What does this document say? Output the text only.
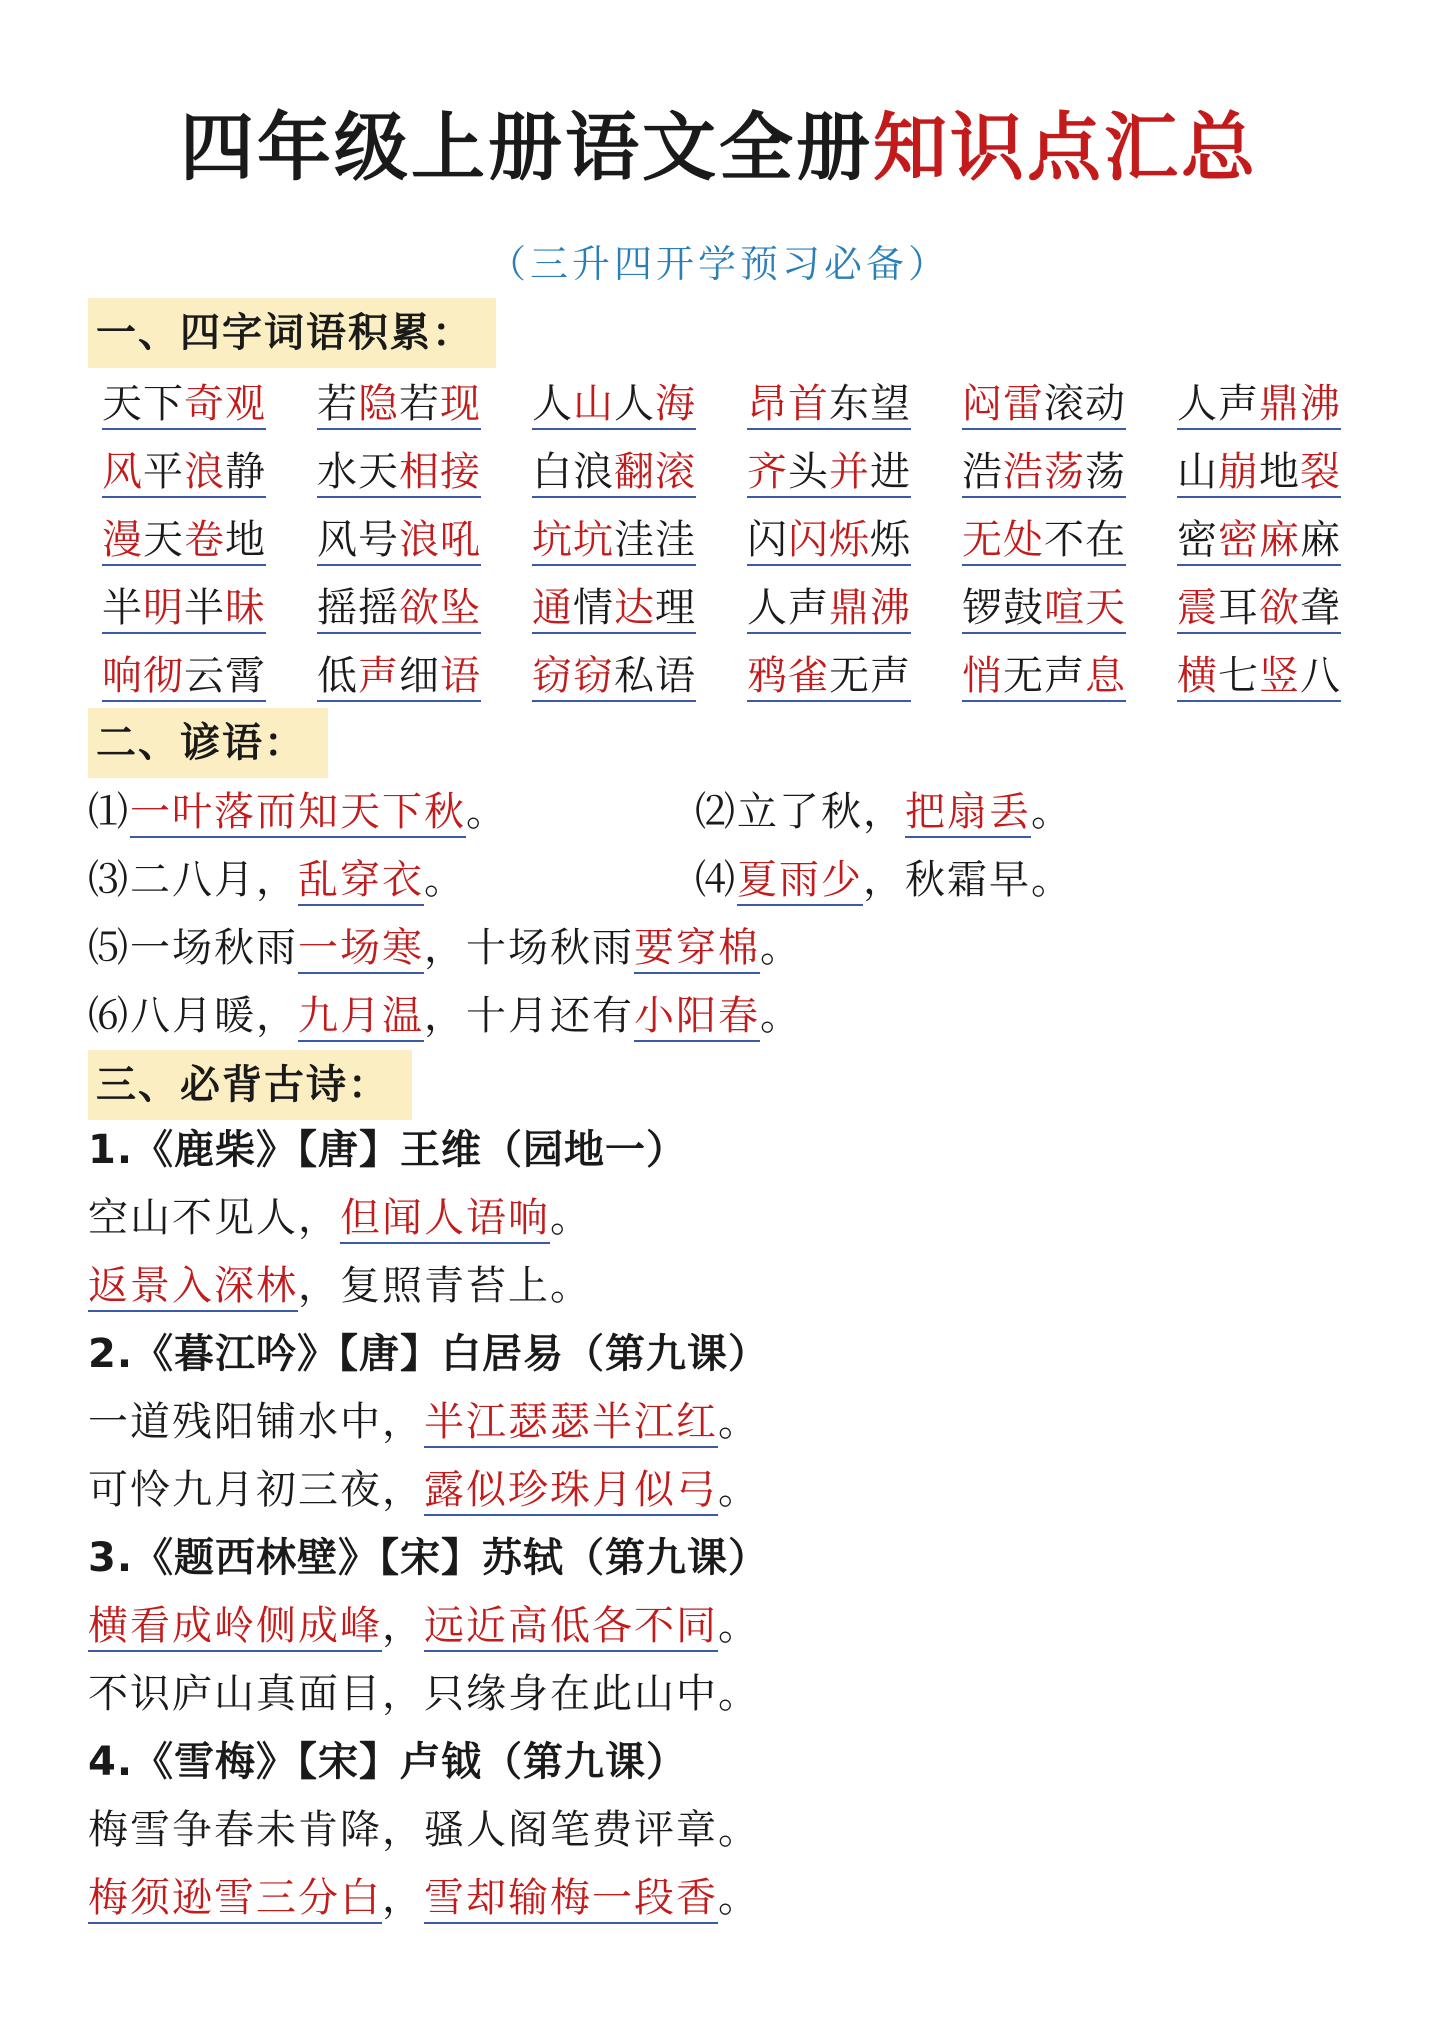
四年级上册语文全册知识点汇总
（三升四开学预习必备）
一、四字词语积累：
天下奇观 若隐若现 人山人海 昂首东望 闷雷滚动 人声鼎沸
风平浪静 水天相接 白浪翻滚 齐头并进 浩浩荡荡 山崩地裂
漫天卷地 风号浪吼 坑坑洼洼 闪闪烁烁 无处不在 密密麻麻
半明半昧 摇摇欲坠 通情达理 人声鼎沸 锣鼓喧天 震耳欲聋
响彻云霄 低声细语 窃窃私语 鸦雀无声 悄无声息 横七竖八
二、谚语：
⑴一叶落而知天下秋。	⑵立了秋，把扇丢。
⑶二八月，乱穿衣。	⑷夏雨少，秋霜早。
⑸一场秋雨一场寒，十场秋雨要穿棉。
⑹八月暖，九月温，十月还有小阳春。
三、必背古诗：
1.《鹿柴》【唐】王维（园地一）
空山不见人，但闻人语响。
返景入深林，复照青苔上。
2.《暮江吟》【唐】白居易（第九课）
一道残阳铺水中，半江瑟瑟半江红。
可怜九月初三夜，露似珍珠月似弓。
3.《题西林壁》【宋】苏轼（第九课）
横看成岭侧成峰，远近高低各不同。
不识庐山真面目，只缘身在此山中。
4.《雪梅》【宋】卢钺（第九课）
梅雪争春未肯降，骚人阁笔费评章。
梅须逊雪三分白，雪却输梅一段香。
